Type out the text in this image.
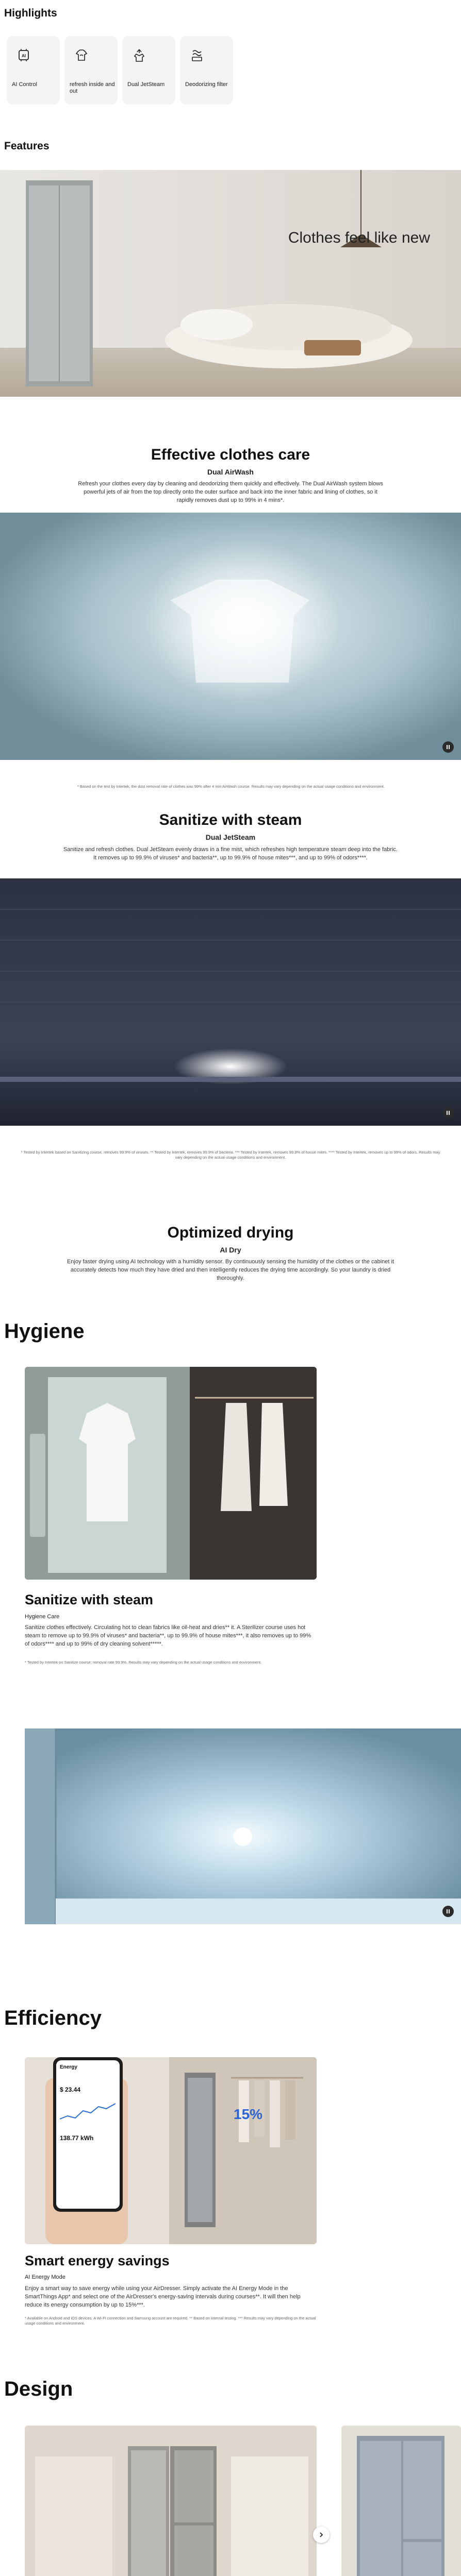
Highlights
AI
AI Control	refresh inside and out
Dual JetSteam	Deodorizing filter
Features
Clothes feel like new
Effective clothes care
Dual AirWash
Refresh your clothes every day by cleaning and deodorizing them quickly and effectively. The Dual AirWash system blows powerful jets of air from the top directly onto the outer surface and back into the inner fabric and lining of clothes, so it rapidly removes dust up to 99% in 4 mins*.
* Based on the test by Intertek, the dust removal rate of clothes was 99% after 4 min AirWash course. Results may vary depending on the actual usage conditions and environment.
Sanitize with steam
Dual JetSteam
Sanitize and refresh clothes. Dual JetSteam evenly draws in a fine mist, which refreshes high temperature steam deep into the fabric. It removes up to 99.9% of viruses* and bacteria**, up to 99.9% of house mites***, and up to 99% of odors****.
* Tested by Intertek based on Sanitizing course, removes 99.9% of viruses. ** Tested by Intertek, removes 99.9% of bacteria. *** Tested by Intertek, removes 99.9% of house mites. **** Tested by Intertek, removes up to 99% of odors. Results may vary depending on the actual usage conditions and environment.
Optimized drying
AI Dry
Enjoy faster drying using AI technology with a humidity sensor. By continuously sensing the humidity of the clothes or the cabinet it accurately detects how much they have dried and then intelligently reduces the drying time accordingly. So your laundry is dried thoroughly.
Hygiene
Sanitize with steam
Hygiene Care
Sanitize clothes effectively. Circulating hot to clean fabrics like oil-heat and dries** it. A Sterilizer course uses hot steam to remove up to 99.9% of viruses* and bacteria**, up to 99.9% of house mites***, it also removes up to 99% of odors**** and up to 99% of dry cleaning solvent*****.
* Tested by Intertek on Sanitize course; removal rate 99.9%. Results may vary depending on the actual usage conditions and environment.
Efficiency
Energy
$ 23.44
138.77 kWh
15%
Smart energy savings
AI Energy Mode
Enjoy a smart way to save energy while using your AirDresser. Simply activate the AI Energy Mode in the SmartThings App* and select one of the AirDresser's energy-saving intervals during courses**. It will then help reduce its energy consumption by up to 15%***.
* Available on Android and iOS devices. A Wi-Fi connection and Samsung account are required. ** Based on internal testing. *** Results may vary depending on the actual usage conditions and environment.
Design
